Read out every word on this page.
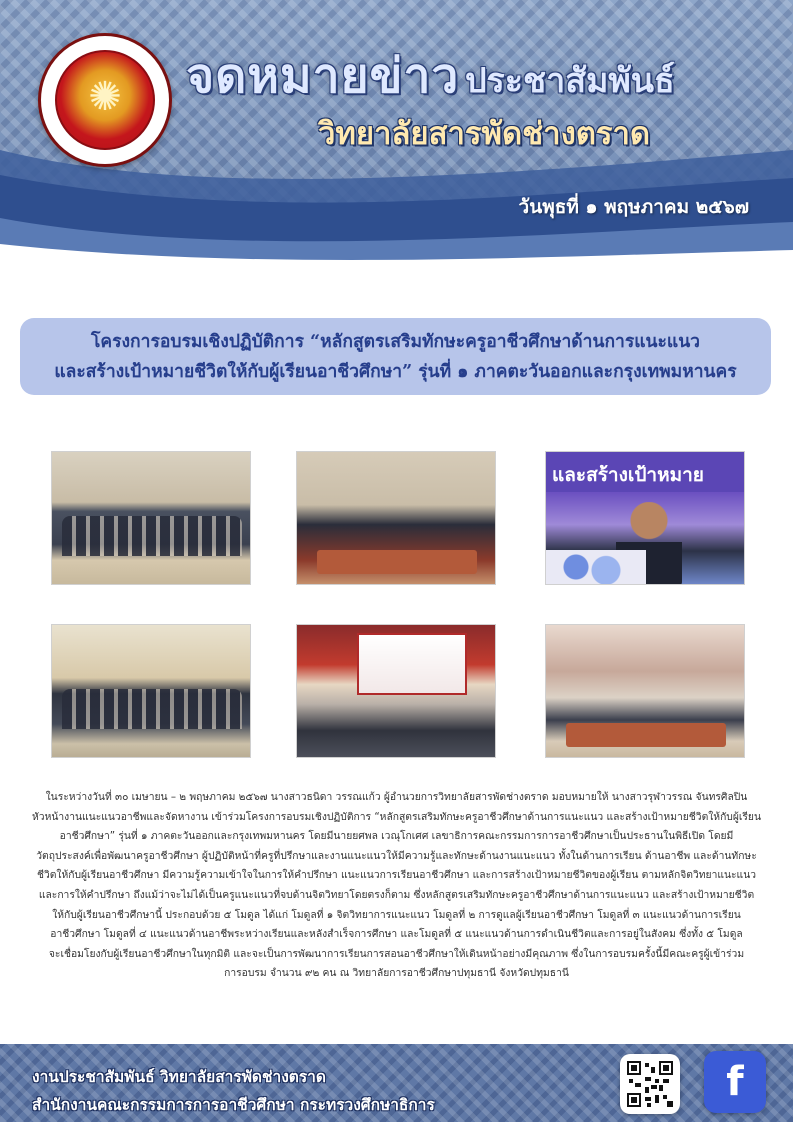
✺	จดหมายข่าว ประชาสัมพันธ์
วิทยาลัยสารพัดช่างตราด
วันพุธที่ ๑ พฤษภาคม ๒๕๖๗

โครงการอบรมเชิงปฏิบัติการ “หลักสูตรเสริมทักษะครูอาชีวศึกษาด้านการแนะแนว

และสร้างเป้าหมายชีวิตให้กับผู้เรียนอาชีวศึกษา” รุ่นที่ ๑ ภาคตะวันออกและกรุงเทพมหานคร

และสร้างเป้าหมาย

ในระหว่างวันที่ ๓๐ เมษายน – ๒ พฤษภาคม ๒๕๖๗ นางสาวธนิดา วรรณแก้ว ผู้อำนวยการวิทยาลัยสารพัดช่างตราด มอบหมายให้ นางสาวรุฬาวรรณ จันทรศิลปิน

หัวหน้างานแนะแนวอาชีพและจัดหางาน เข้าร่วมโครงการอบรมเชิงปฏิบัติการ “หลักสูตรเสริมทักษะครูอาชีวศึกษาด้านการแนะแนว และสร้างเป้าหมายชีวิตให้กับผู้เรียน

อาชีวศึกษา” รุ่นที่ ๑ ภาคตะวันออกและกรุงเทพมหานคร โดยมีนายยศพล เวณุโกเศศ เลขาธิการคณะกรรมการการอาชีวศึกษาเป็นประธานในพิธีเปิด โดยมี

วัตถุประสงค์เพื่อพัฒนาครูอาชีวศึกษา ผู้ปฏิบัติหน้าที่ครูที่ปรึกษาและงานแนะแนวให้มีความรู้และทักษะด้านงานแนะแนว ทั้งในด้านการเรียน ด้านอาชีพ และด้านทักษะ

ชีวิตให้กับผู้เรียนอาชีวศึกษา มีความรู้ความเข้าใจในการให้คำปรึกษา แนะแนวการเรียนอาชีวศึกษา และการสร้างเป้าหมายชีวิตของผู้เรียน ตามหลักจิตวิทยาแนะแนว

และการให้คำปรึกษา ถึงแม้ว่าจะไม่ได้เป็นครูแนะแนวที่จบด้านจิตวิทยาโดยตรงก็ตาม ซึ่งหลักสูตรเสริมทักษะครูอาชีวศึกษาด้านการแนะแนว และสร้างเป้าหมายชีวิต

ให้กับผู้เรียนอาชีวศึกษานี้ ประกอบด้วย ๕ โมดูล ได้แก่ โมดูลที่ ๑ จิตวิทยาการแนะแนว โมดูลที่ ๒ การดูแลผู้เรียนอาชีวศึกษา โมดูลที่ ๓ แนะแนวด้านการเรียน

อาชีวศึกษา โมดูลที่ ๔ แนะแนวด้านอาชีพระหว่างเรียนและหลังสำเร็จการศึกษา และโมดูลที่ ๕ แนะแนวด้านการดำเนินชีวิตและการอยู่ในสังคม ซึ่งทั้ง ๕ โมดูล

จะเชื่อมโยงกับผู้เรียนอาชีวศึกษาในทุกมิติ และจะเป็นการพัฒนาการเรียนการสอนอาชีวศึกษาให้เดินหน้าอย่างมีคุณภาพ ซึ่งในการอบรมครั้งนี้มีคณะครูผู้เข้าร่วม

การอบรม จำนวน ๙๒ คน ณ วิทยาลัยการอาชีวศึกษาปทุมธานี จังหวัดปทุมธานี

งานประชาสัมพันธ์ วิทยาลัยสารพัดช่างตราด
สำนักงานคณะกรรมการการอาชีวศึกษา กระทรวงศึกษาธิการ	f
